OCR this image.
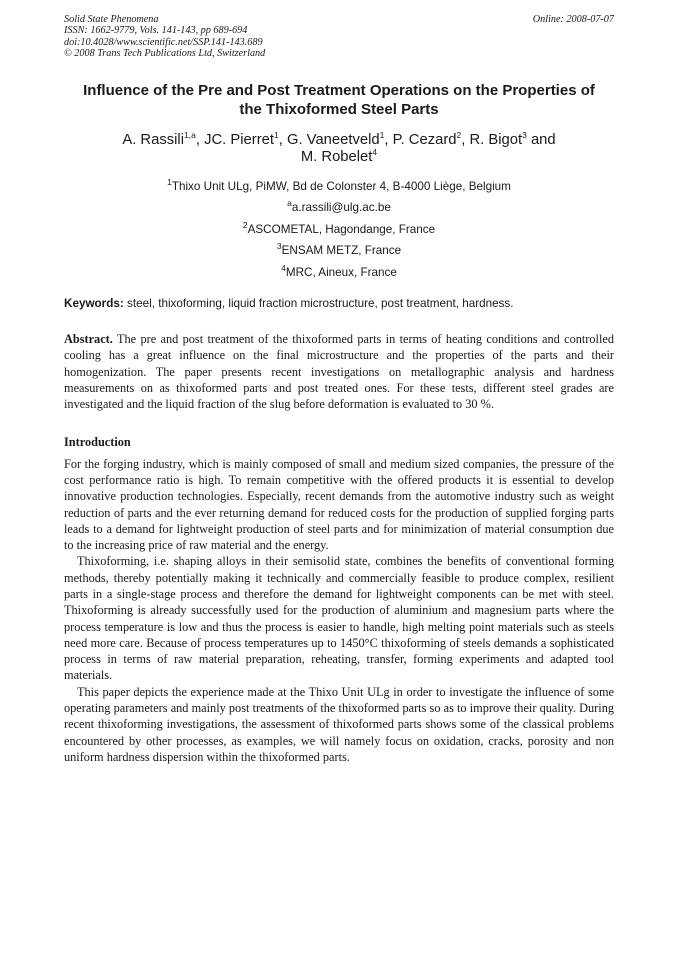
Solid State Phenomena
ISSN: 1662-9779, Vols. 141-143, pp 689-694
doi:10.4028/www.scientific.net/SSP.141-143.689
© 2008 Trans Tech Publications Ltd, Switzerland
Online: 2008-07-07
Influence of the Pre and Post Treatment Operations on the Properties of the Thixoformed Steel Parts
A. Rassili$^{1,a}$, JC. Pierret$^1$, G. Vaneetveld$^1$, P. Cezard$^2$, R. Bigot$^3$ and
M. Robelet$^4$
$^1$Thixo Unit ULg, PiMW, Bd de Colonster 4, B-4000 Liège, Belgium
$^a$a.rassili@ulg.ac.be
$^2$ASCOMETAL, Hagondange, France
$^3$ENSAM METZ, France
$^4$MRC, Aineux, France
Keywords: steel, thixoforming, liquid fraction microstructure, post treatment, hardness.

Abstract. The pre and post treatment of the thixoformed parts in terms of heating conditions and controlled cooling has a great influence on the final microstructure and the properties of the parts and their homogenization. The paper presents recent investigations on metallographic analysis and hardness measurements on as thixoformed parts and post treated ones. For these tests, different steel grades are investigated and the liquid fraction of the slug before deformation is evaluated to 30 %.

Introduction

For the forging industry, which is mainly composed of small and medium sized companies, the pressure of the cost performance ratio is high. To remain competitive with the offered products it is essential to develop innovative production technologies. Especially, recent demands from the automotive industry such as weight reduction of parts and the ever returning demand for reduced costs for the production of supplied forging parts leads to a demand for lightweight production of steel parts and for minimization of material consumption due to the increasing price of raw material and the energy.

Thixoforming, i.e. shaping alloys in their semisolid state, combines the benefits of conventional forming methods, thereby potentially making it technically and commercially feasible to produce complex, resilient parts in a single-stage process and therefore the demand for lightweight components can be met with steel. Thixoforming is already successfully used for the production of aluminium and magnesium parts where the process temperature is low and thus the process is easier to handle, high melting point materials such as steels need more care. Because of process temperatures up to 1450°C thixoforming of steels demands a sophisticated process in terms of raw material preparation, reheating, transfer, forming experiments and adapted tool materials.

This paper depicts the experience made at the Thixo Unit ULg in order to investigate the influence of some operating parameters and mainly post treatments of the thixoformed parts so as to improve their quality. During recent thixoforming investigations, the assessment of thixoformed parts shows some of the classical problems encountered by other processes, as examples, we will namely focus on oxidation, cracks, porosity and non uniform hardness dispersion within the thixoformed parts.
